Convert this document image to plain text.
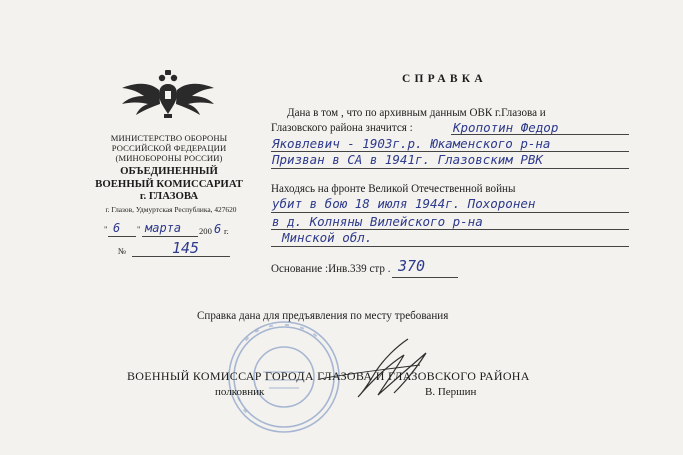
МИНИСТЕРСТВО ОБОРОНЫ
РОССИЙСКОЙ ФЕДЕРАЦИИ
(МИНОБОРОНЫ РОССИИ)
ОБЪЕДИНЕННЫЙ
ВОЕННЫЙ КОМИССАРИАТ
г. ГЛАЗОВА
г. Глазов, Удмуртская Республика, 427620
" 6 " марта 200 6 г.
№	145
СПРАВКА
Дана в том , что по архивным данным ОВК г.Глазова и
Глазовского района значится :	Кропотин Федор
Яковлевич - 1903г.р. Юкаменского р-на
Призван в СА в 1941г. Глазовским РВК
Находясь на фронте Великой Отечественной войны
убит в бою 18 июля 1944г. Похоронен
в д. Колняны Вилейского р-на
Минской обл.
Основание :Инв.339 стр . 370
Справка дана для предъявления по месту требования
ВОЕННЫЙ КОМИССАР ГОРОДА ГЛАЗОВА И ГЛАЗОВСКОГО РАЙОНА
полковник	В. Першин
